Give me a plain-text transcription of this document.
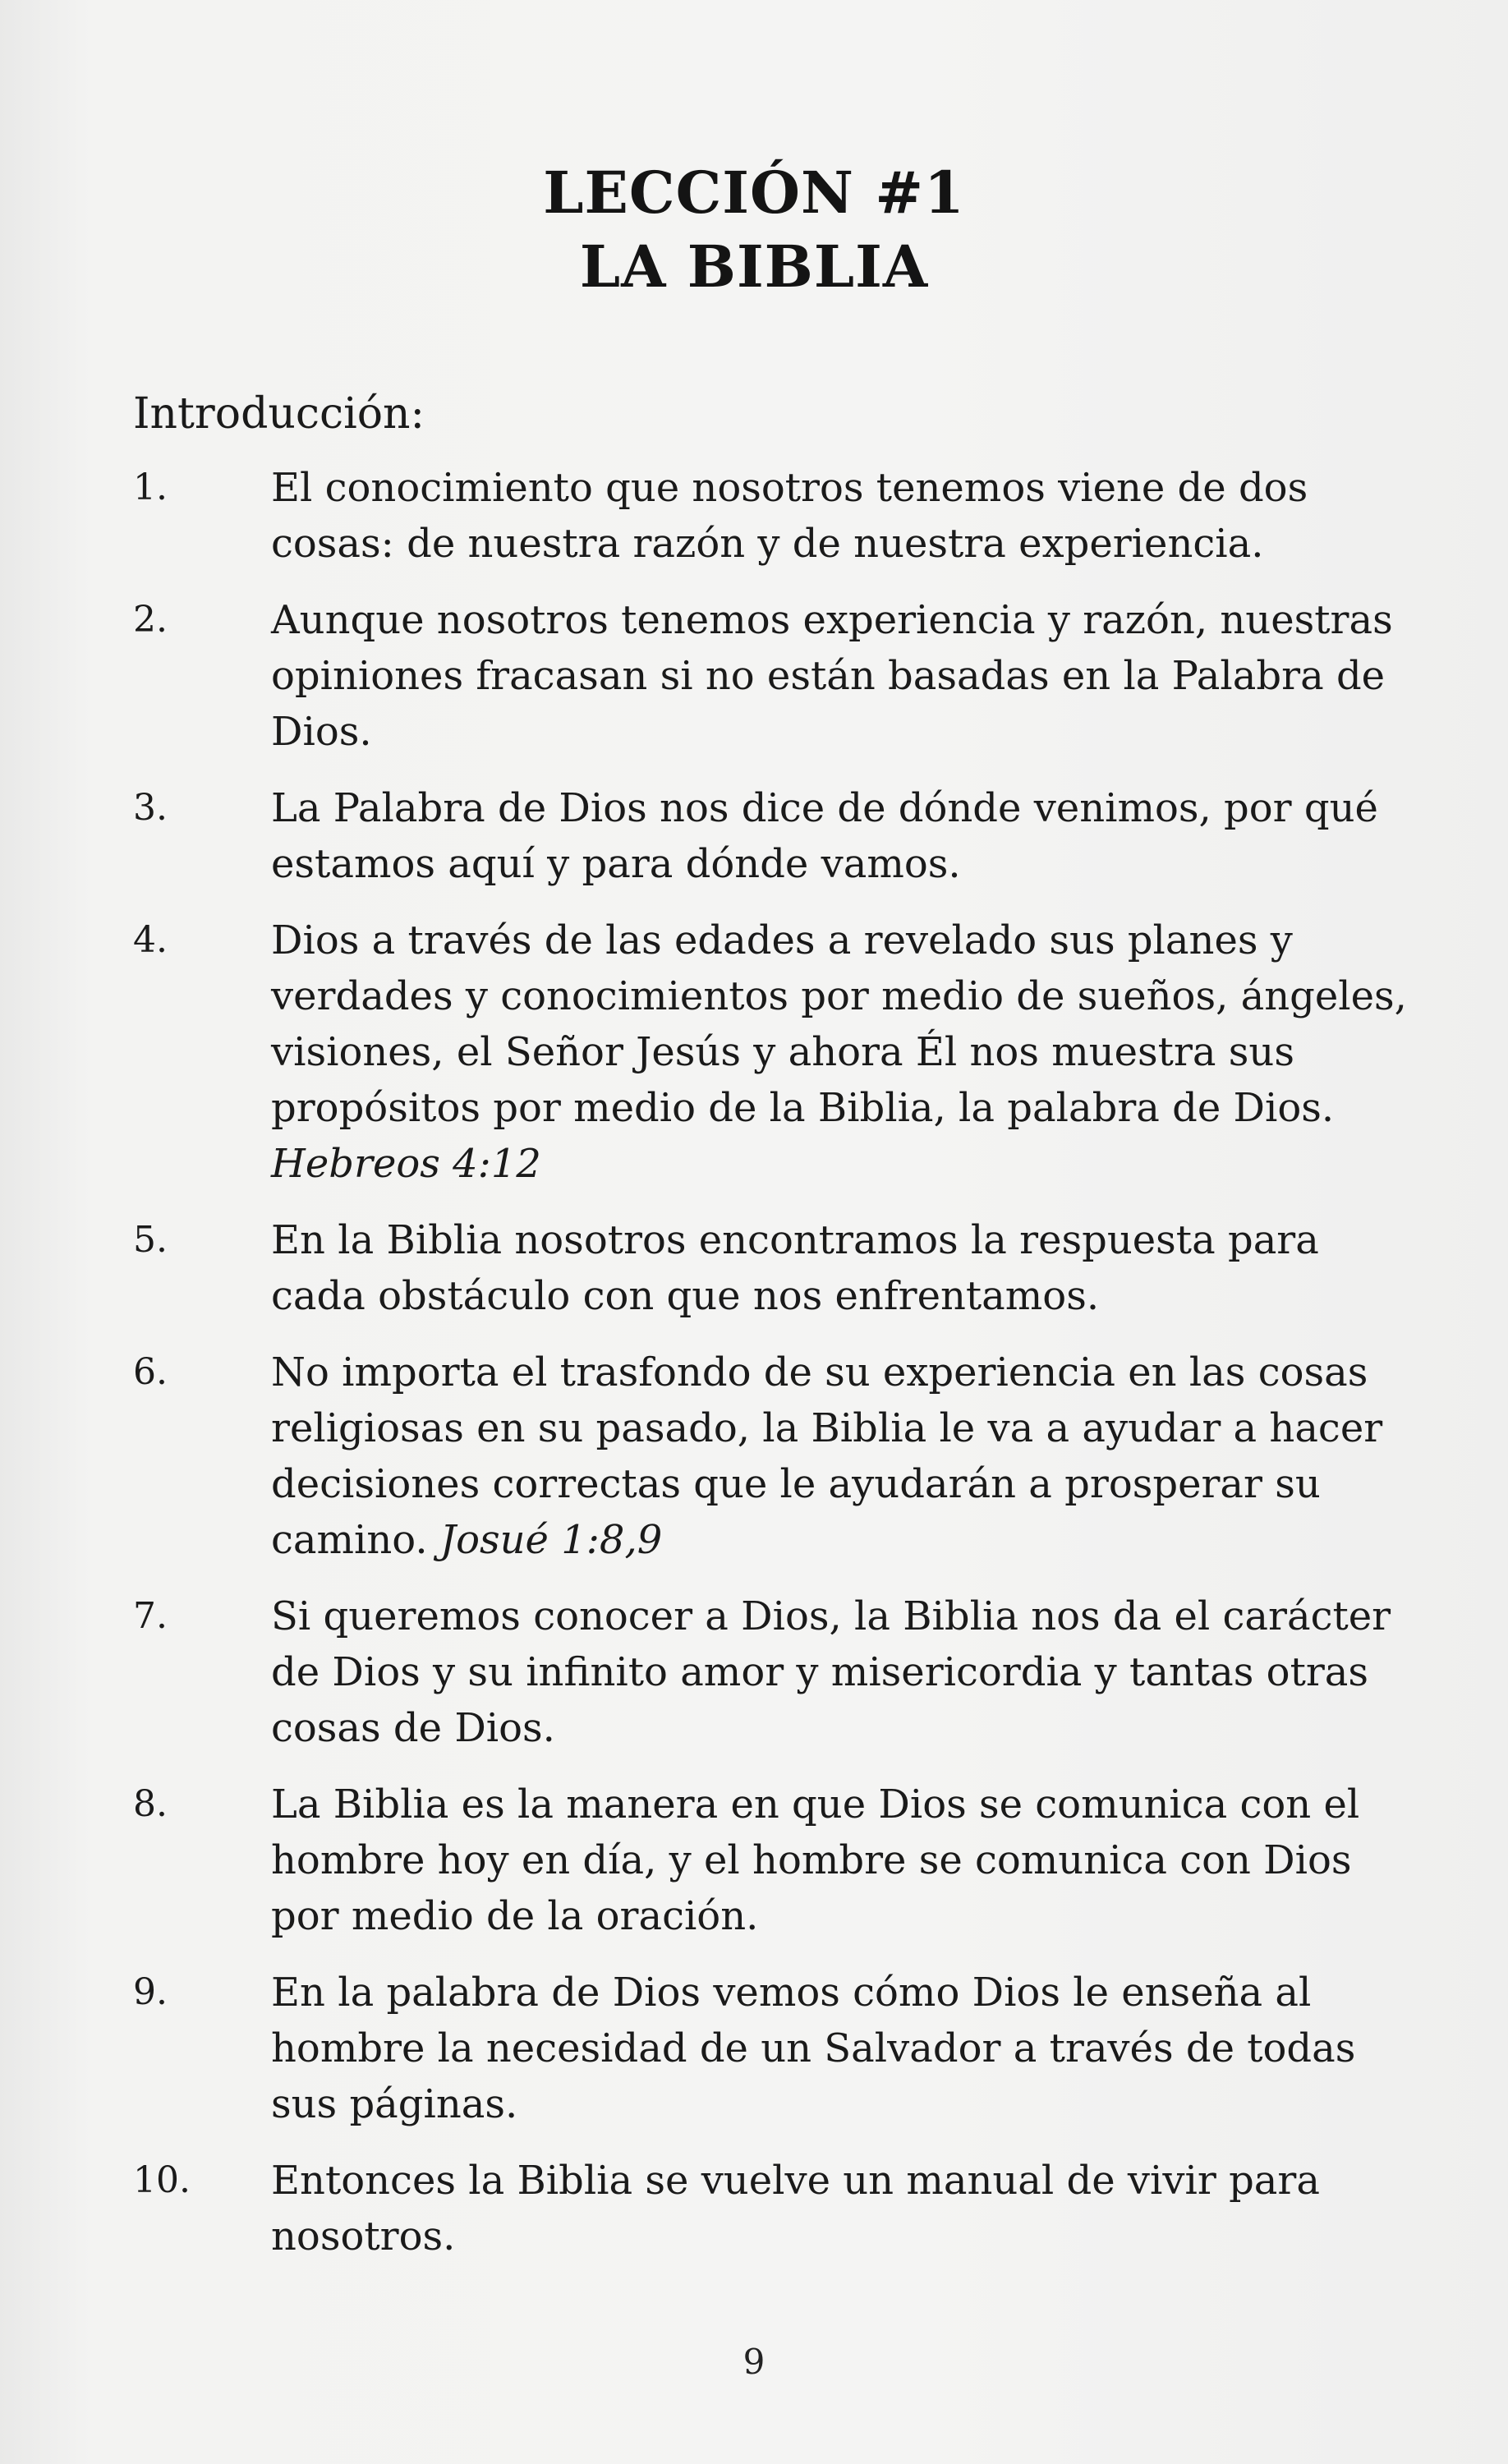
LECCIÓN #1
LA BIBLIA
Introducción:
1.	El conocimiento que nosotros tenemos viene de dos cosas: de nuestra razón y de nuestra experiencia.
2.	Aunque nosotros tenemos experiencia y razón, nuestras opiniones fracasan si no están basadas en la Palabra de Dios.
3.	La Palabra de Dios nos dice de dónde venimos, por qué estamos aquí y para dónde vamos.
4.	Dios a través de las edades a revelado sus planes y verdades y conocimientos por medio de sueños, ángeles, visiones, el Señor Jesús y ahora Él nos muestra sus propósitos por medio de la Biblia, la palabra de Dios. Hebreos 4:12
5.	En la Biblia nosotros encontramos la respuesta para cada obstáculo con que nos enfrentamos.
6.	No importa el trasfondo de su experiencia en las cosas religiosas en su pasado, la Biblia le va a ayudar a hacer decisiones correctas que le ayudarán a prosperar su camino. Josué 1:8,9
7.	Si queremos conocer a Dios, la Biblia nos da el carácter de Dios y su infinito amor y misericordia y tantas otras cosas de Dios.
8.	La Biblia es la manera en que Dios se comunica con el hombre hoy en día, y el hombre se comunica con Dios por medio de la oración.
9.	En la palabra de Dios vemos cómo Dios le enseña al hombre la necesidad de un Salvador a través de todas sus páginas.
10.	Entonces la Biblia se vuelve un manual de vivir para nosotros.
9
